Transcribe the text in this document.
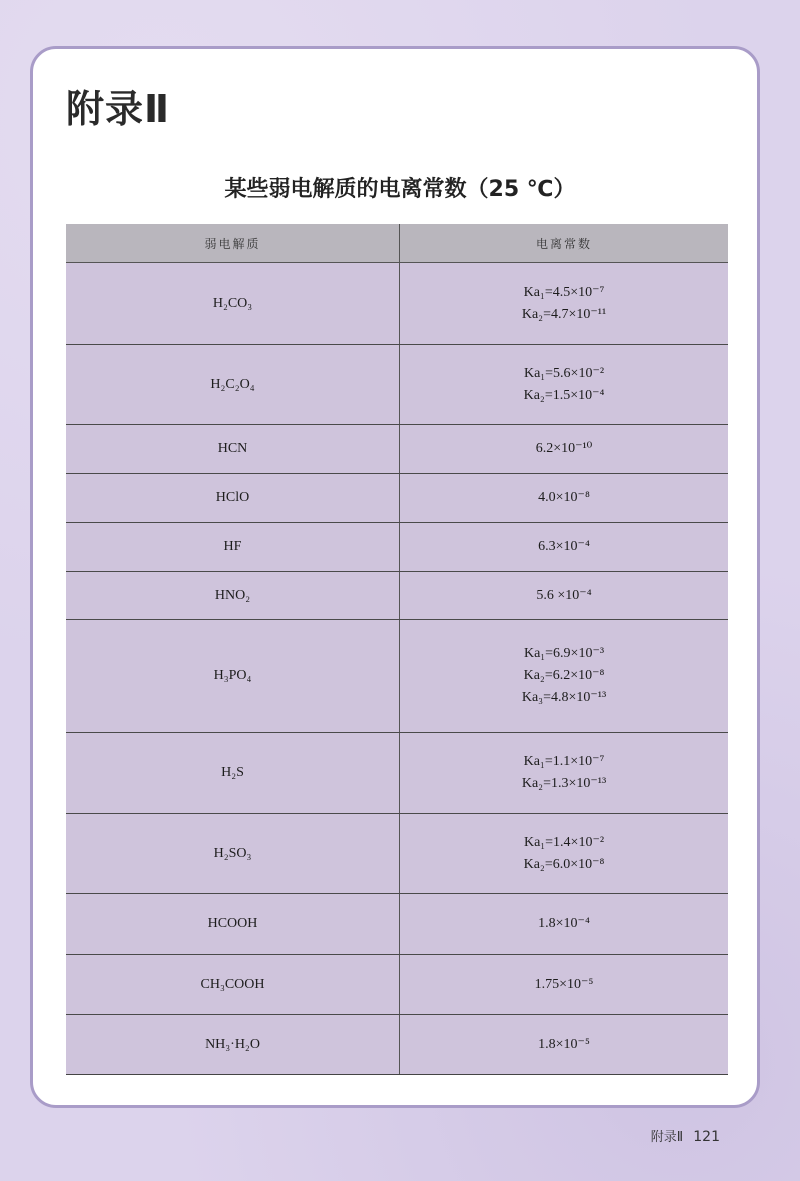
附录Ⅱ
某些弱电解质的电离常数（25 ℃）
弱电解质	电离常数
H₂CO₃	Ka₁=4.5×10⁻⁷
Ka₂=4.7×10⁻¹¹

H₂C₂O₄	Ka₁=5.6×10⁻²
Ka₂=1.5×10⁻⁴

HCN	6.2×10⁻¹⁰

HClO	4.0×10⁻⁸

HF	6.3×10⁻⁴

HNO₂	5.6 ×10⁻⁴

H₃PO₄	Ka₁=6.9×10⁻³
Ka₂=6.2×10⁻⁸
Ka₃=4.8×10⁻¹³

H₂S	Ka₁=1.1×10⁻⁷
Ka₂=1.3×10⁻¹³

H₂SO₃	Ka₁=1.4×10⁻²
Ka₂=6.0×10⁻⁸

HCOOH	1.8×10⁻⁴

CH₃COOH	1.75×10⁻⁵

NH₃·H₂O	1.8×10⁻⁵
附录Ⅱ 121
